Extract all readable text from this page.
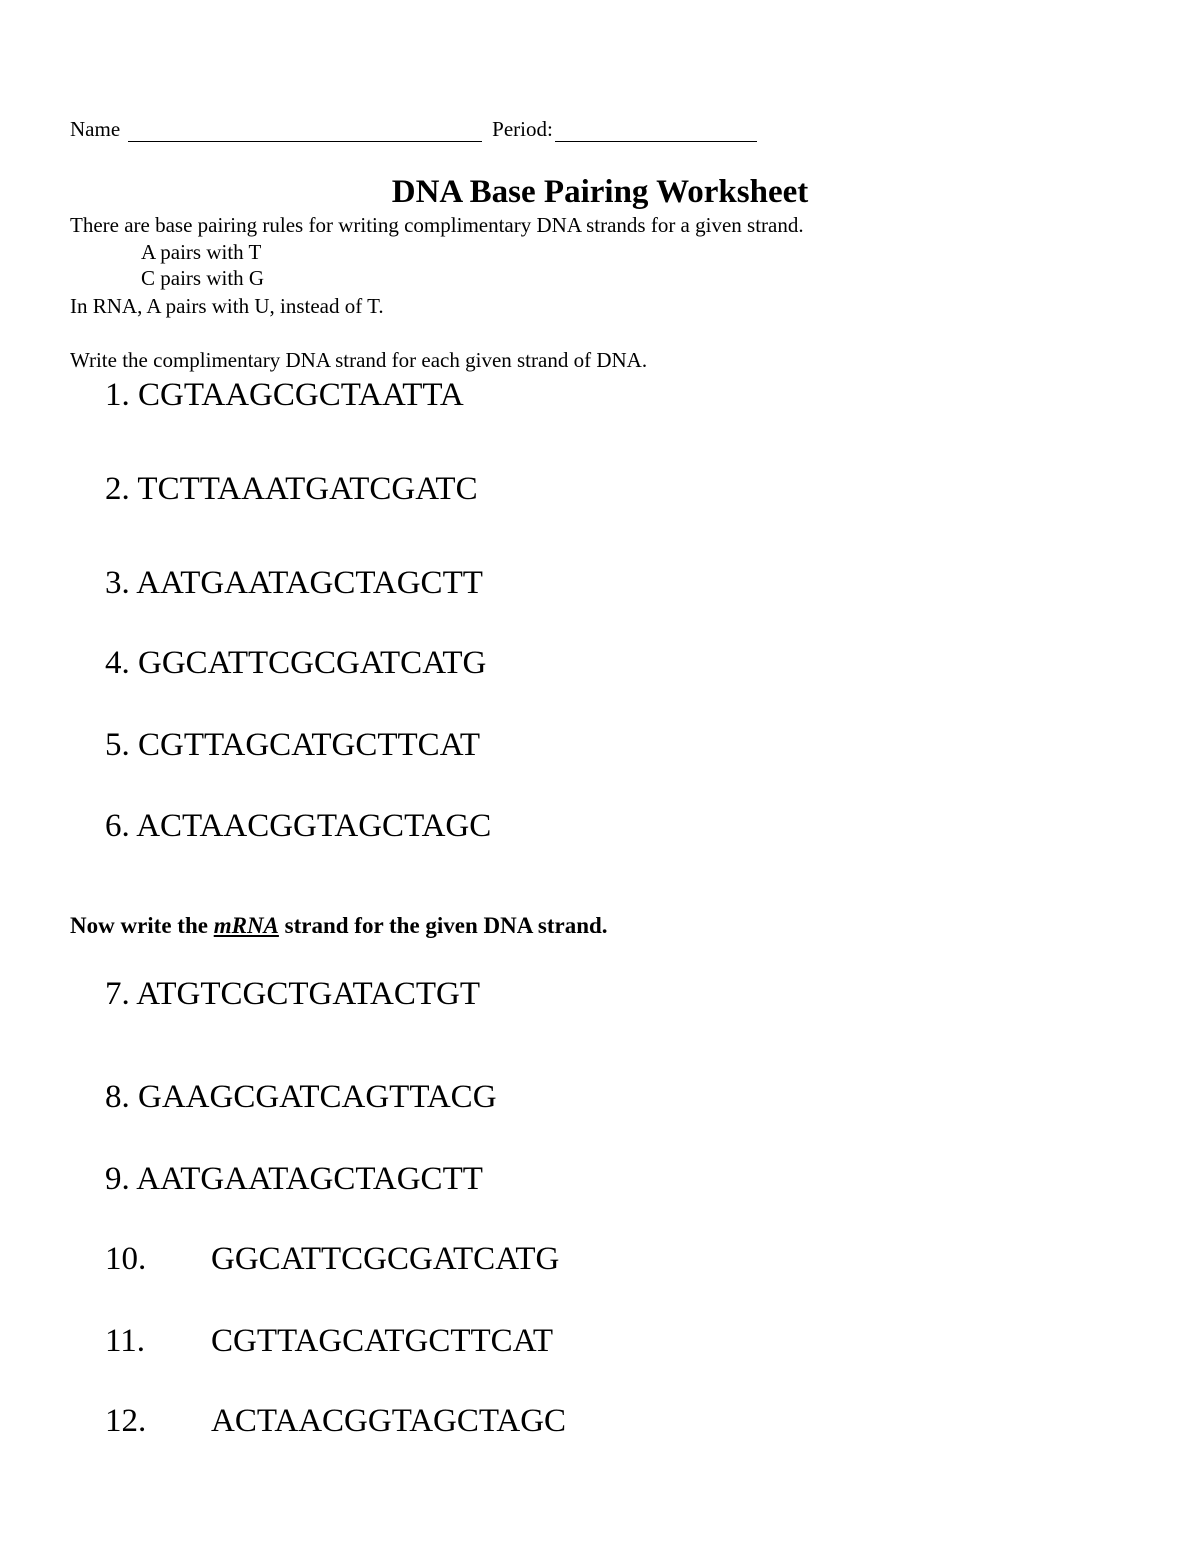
Name	Period:
DNA Base Pairing Worksheet
There are base pairing rules for writing complimentary DNA strands for a given strand.
A pairs with T
C pairs with G
In RNA, A pairs with U, instead of T.
Write the complimentary DNA strand for each given strand of DNA.
1. CGTAAGCGCTAATTA
2. TCTTAAATGATCGATC
3. AATGAATAGCTAGCTT
4. GGCATTCGCGATCATG
5. CGTTAGCATGCTTCAT
6. ACTAACGGTAGCTAGC
Now write the mRNA strand for the given DNA strand.
7. ATGTCGCTGATACTGT
8. GAAGCGATCAGTTACG
9. AATGAATAGCTAGCTT
10. GGCATTCGCGATCATG
11. CGTTAGCATGCTTCAT
12. ACTAACGGTAGCTAGC
